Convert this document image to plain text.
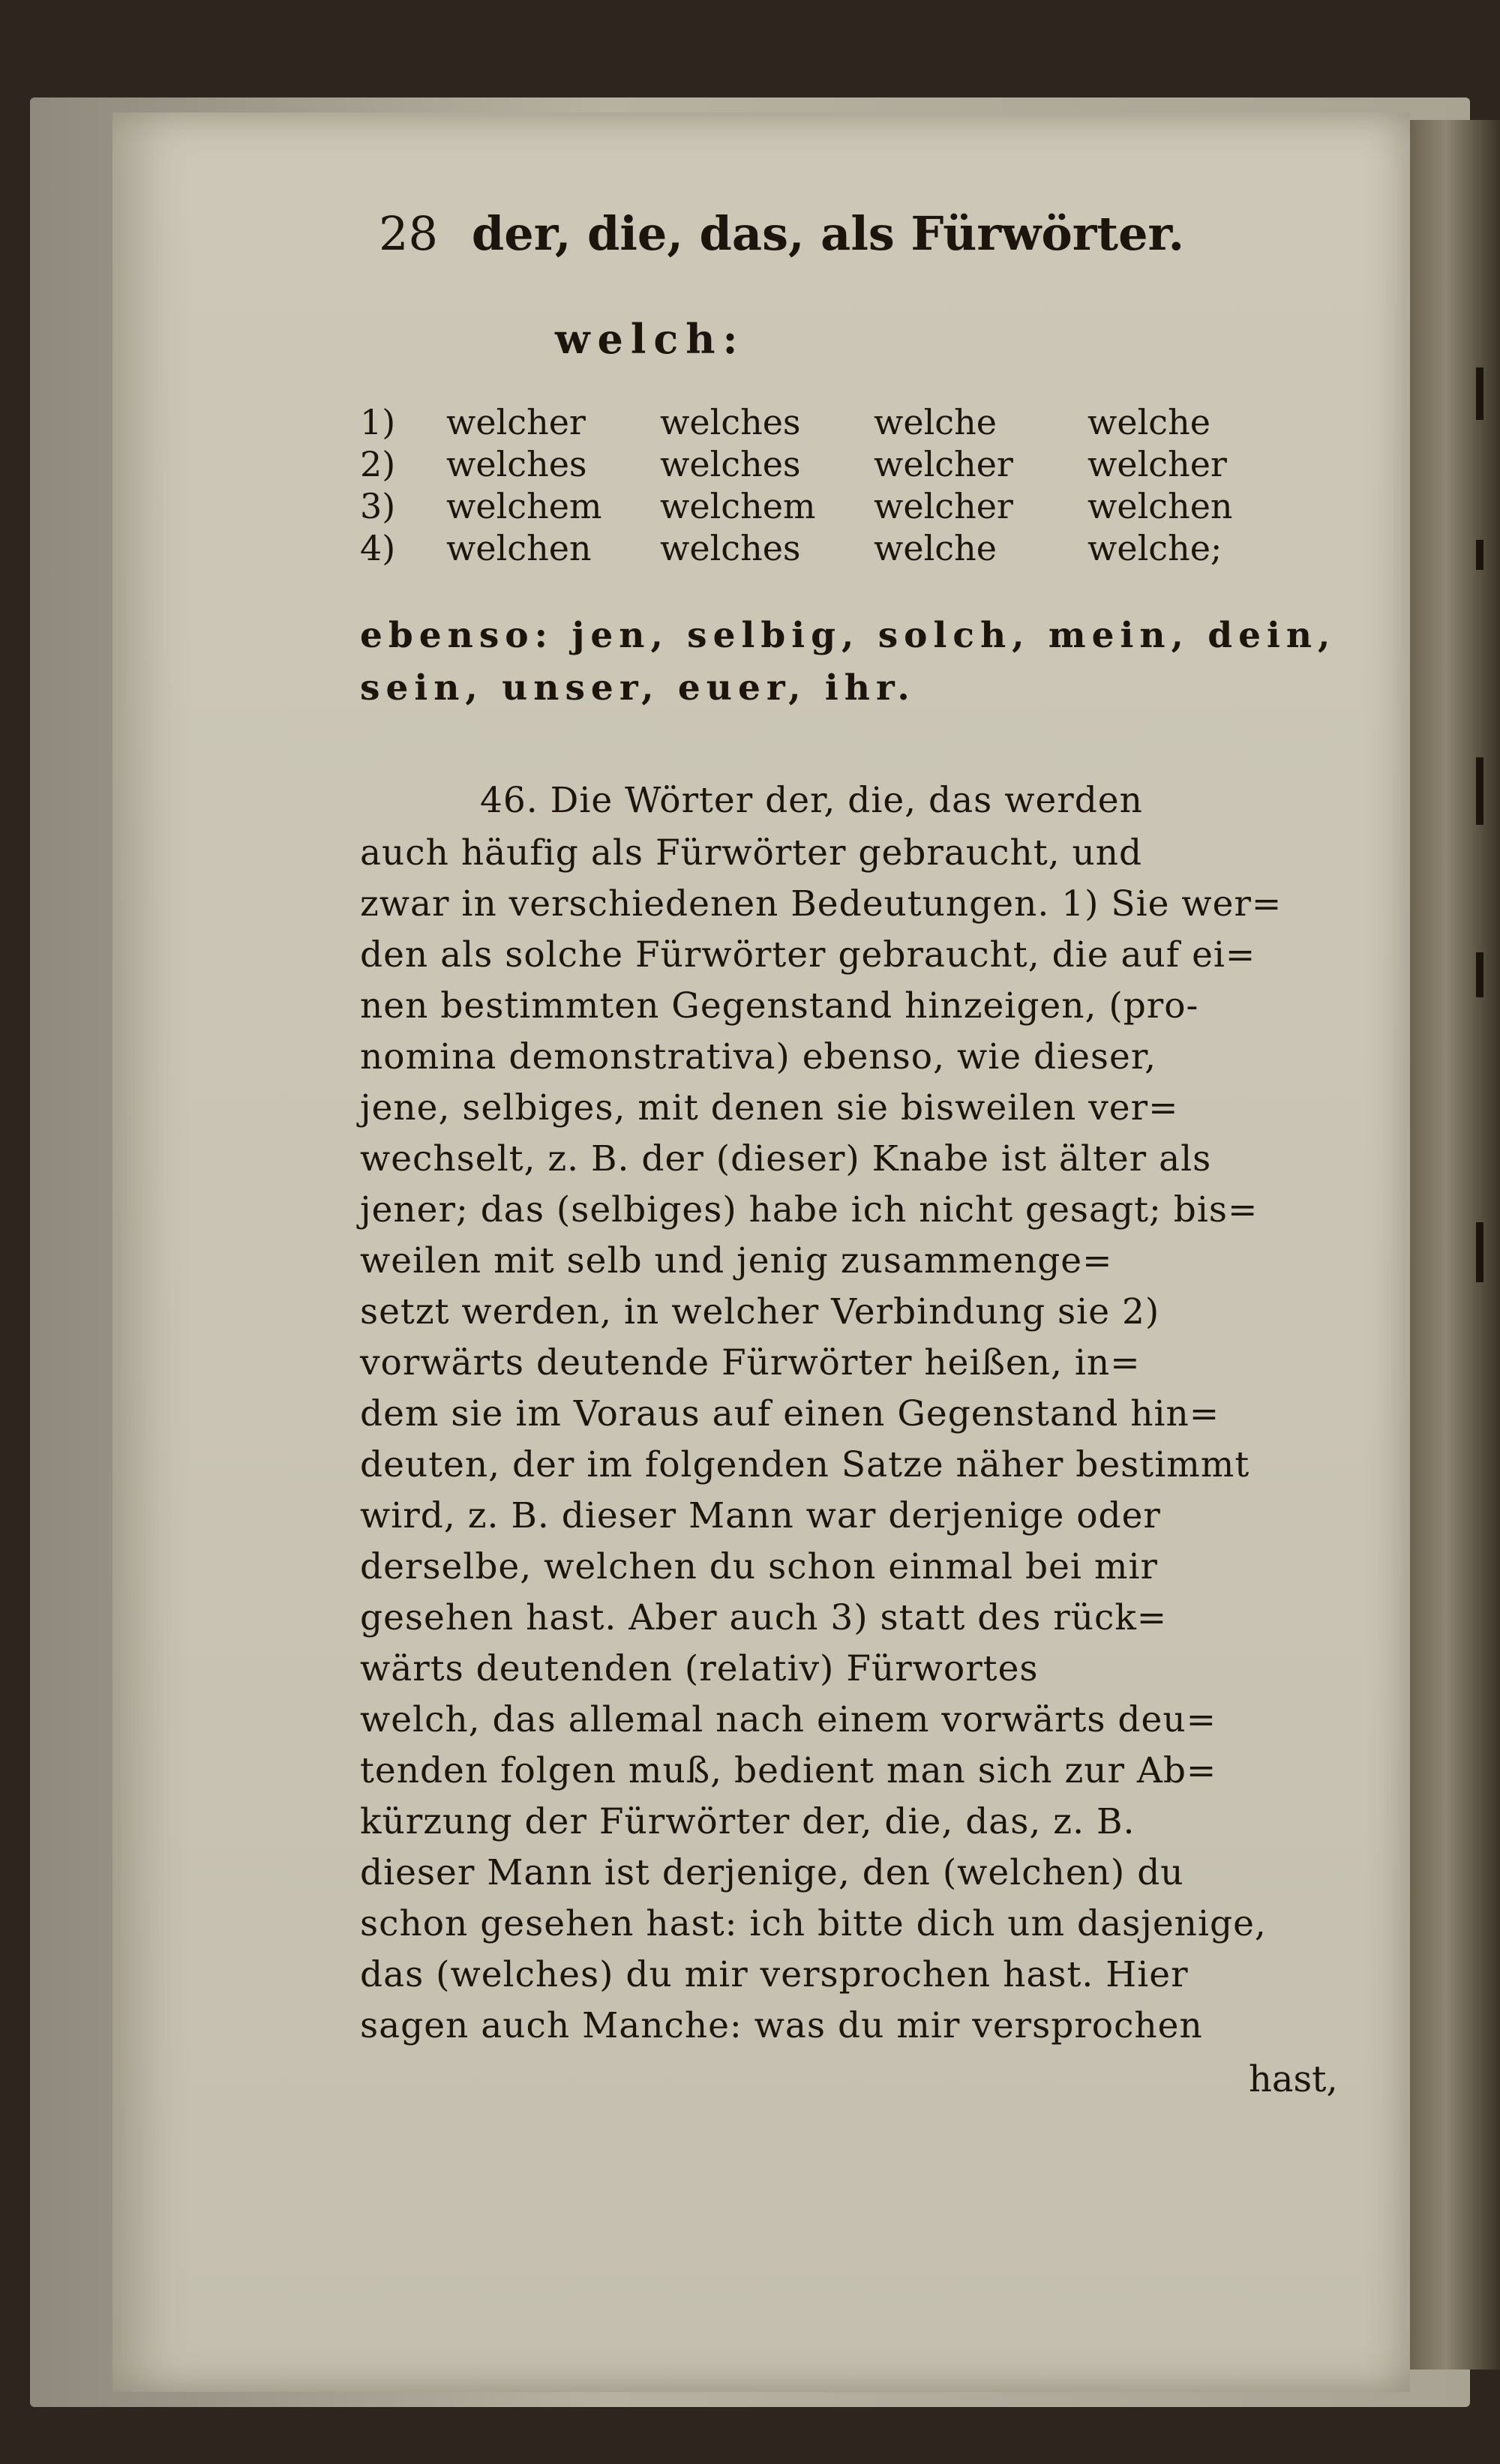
28 der, die, das, als Fürwörter.
welch:
1)	welcher	welches	welche	welche
2)	welches	welches	welcher	welcher
3)	welchem	welchem	welcher	welchen
4)	welchen	welches	welche	welche;
ebenso: jen, selbig, solch, mein, dein,
sein, unser, euer, ihr.
46. Die Wörter der, die, das werden
auch häufig als Fürwörter gebraucht, und
zwar in verschiedenen Bedeutungen. 1) Sie wer=
den als solche Fürwörter gebraucht, die auf ei=
nen bestimmten Gegenstand hinzeigen, (pro-
nomina demonstrativa) ebenso, wie dieser,
jene, selbiges, mit denen sie bisweilen ver=
wechselt, z. B. der (dieser) Knabe ist älter als
jener; das (selbiges) habe ich nicht gesagt; bis=
weilen mit selb und jenig zusammenge=
setzt werden, in welcher Verbindung sie 2)
vorwärts deutende Fürwörter heißen, in=
dem sie im Voraus auf einen Gegenstand hin=
deuten, der im folgenden Satze näher bestimmt
wird, z. B. dieser Mann war derjenige oder
derselbe, welchen du schon einmal bei mir
gesehen hast. Aber auch 3) statt des rück=
wärts deutenden (relativ) Fürwortes
welch, das allemal nach einem vorwärts deu=
tenden folgen muß, bedient man sich zur Ab=
kürzung der Fürwörter der, die, das, z. B.
dieser Mann ist derjenige, den (welchen) du
schon gesehen hast: ich bitte dich um dasjenige,
das (welches) du mir versprochen hast. Hier
sagen auch Manche: was du mir versprochen
hast,
